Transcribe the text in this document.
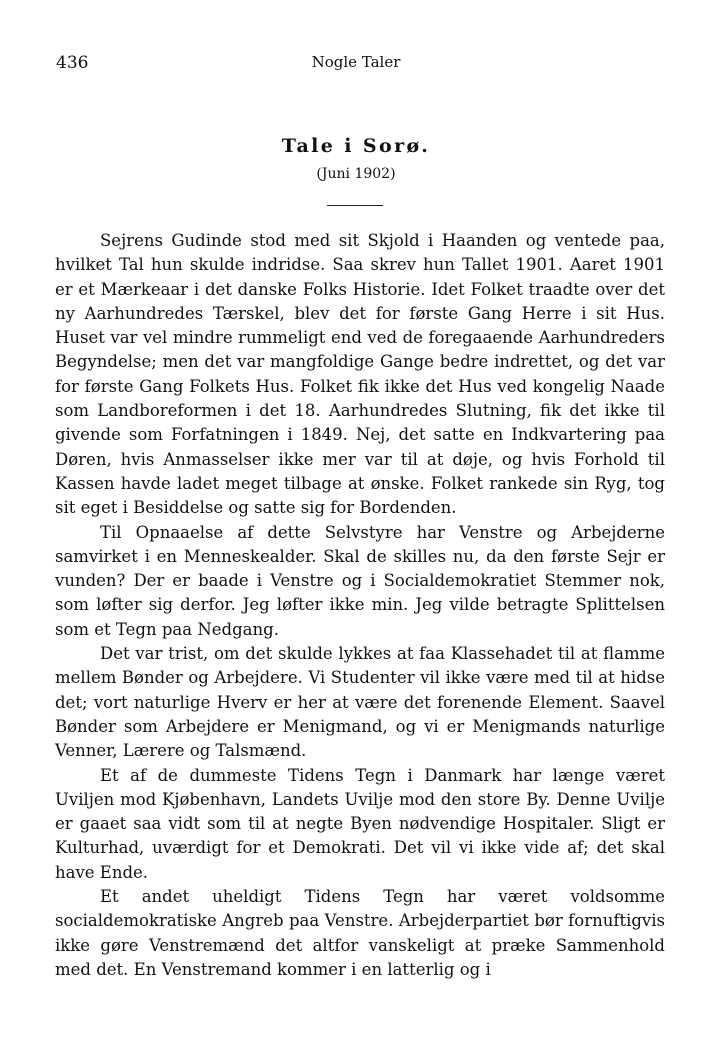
436	Nogle Taler

Tale i Sorø.

(Juni 1902)

Sejrens Gudinde stod med sit Skjold i Haanden og ventede paa, hvilket Tal hun skulde indridse. Saa skrev hun Tallet 1901. Aaret 1901 er et Mærkeaar i det danske Folks Historie. Idet Folket traadte over det ny Aarhundredes Tærskel, blev det for første Gang Herre i sit Hus. Huset var vel mindre rummeligt end ved de foregaaende Aarhundreders Begyndelse; men det var mangfoldige Gange bedre indrettet, og det var for første Gang Folkets Hus. Folket fik ikke det Hus ved kongelig Naade som Landboreformen i det 18. Aarhundredes Slutning, fik det ikke til givende som Forfatningen i 1849. Nej, det satte en Indkvartering paa Døren, hvis Anmasselser ikke mer var til at døje, og hvis Forhold til Kassen havde ladet meget tilbage at ønske. Folket rankede sin Ryg, tog sit eget i Besiddelse og satte sig for Bordenden.

Til Opnaaelse af dette Selvstyre har Venstre og Arbejderne samvirket i en Menneskealder. Skal de skilles nu, da den første Sejr er vunden? Der er baade i Venstre og i Socialdemokratiet Stemmer nok, som løfter sig derfor. Jeg løfter ikke min. Jeg vilde betragte Splittelsen som et Tegn paa Nedgang.

Det var trist, om det skulde lykkes at faa Klassehadet til at flamme mellem Bønder og Arbejdere. Vi Studenter vil ikke være med til at hidse det; vort naturlige Hverv er her at være det forenende Element. Saavel Bønder som Arbejdere er Menigmand, og vi er Menigmands naturlige Venner, Lærere og Talsmænd.

Et af de dummeste Tidens Tegn i Danmark har længe været Uviljen mod Kjøbenhavn, Landets Uvilje mod den store By. Denne Uvilje er gaaet saa vidt som til at negte Byen nødvendige Hospitaler. Sligt er Kulturhad, uværdigt for et Demokrati. Det vil vi ikke vide af; det skal have Ende.

Et andet uheldigt Tidens Tegn har været voldsomme socialdemokratiske Angreb paa Venstre. Arbejderpartiet bør fornuftigvis ikke gøre Venstremænd det altfor vanskeligt at præke Sammenhold med det. En Venstremand kommer i en latterlig og i
